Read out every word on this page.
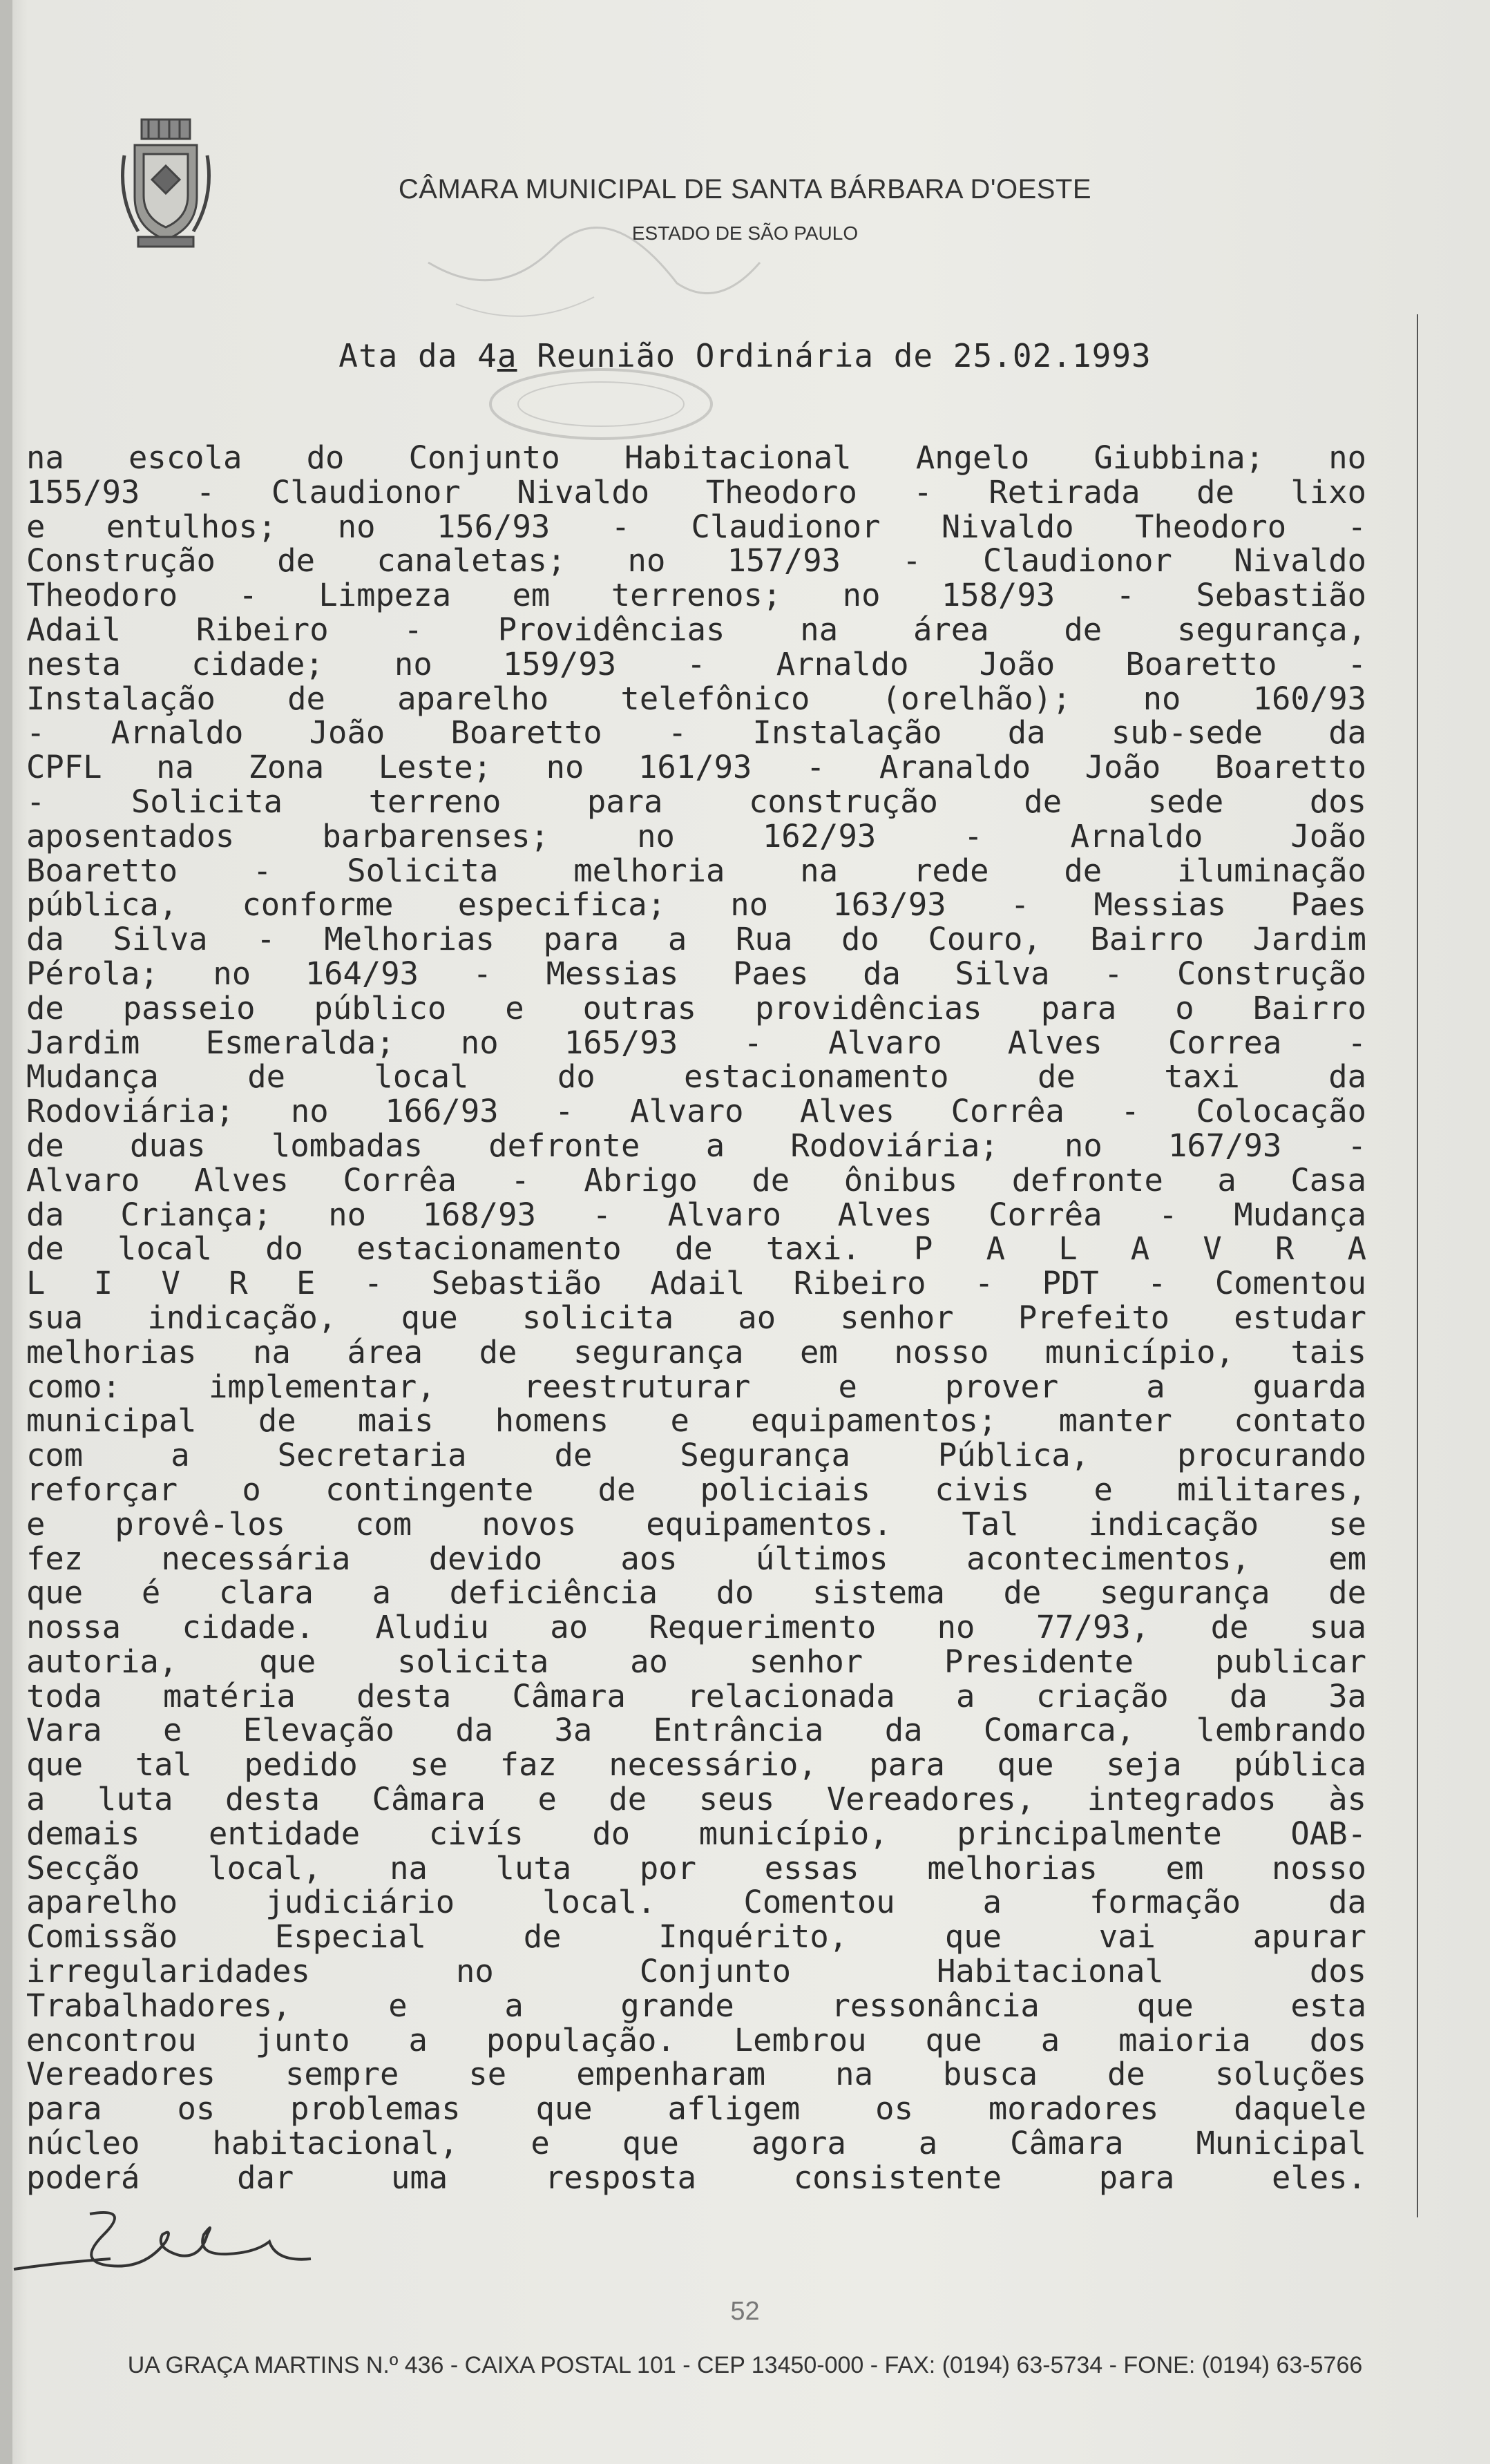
CÂMARA MUNICIPAL DE SANTA BÁRBARA D'OESTE
ESTADO DE SÃO PAULO
Ata da 4a Reunião Ordinária de 25.02.1993
na escola do Conjunto Habitacional Angelo Giubbina; no
155/93 - Claudionor Nivaldo Theodoro - Retirada de lixo
e entulhos; no 156/93 - Claudionor Nivaldo Theodoro -
Construção de canaletas; no 157/93 - Claudionor Nivaldo
Theodoro - Limpeza em terrenos; no 158/93 - Sebastião
Adail Ribeiro - Providências na área de segurança,
nesta cidade; no 159/93 - Arnaldo João Boaretto -
Instalação de aparelho telefônico (orelhão); no 160/93
- Arnaldo João Boaretto - Instalação da sub-sede da
CPFL na Zona Leste; no 161/93 - Aranaldo João Boaretto
- Solicita terreno para construção de sede dos
aposentados barbarenses; no 162/93 - Arnaldo João
Boaretto - Solicita melhoria na rede de iluminação
pública, conforme especifica; no 163/93 - Messias Paes
da Silva - Melhorias para a Rua do Couro, Bairro Jardim
Pérola; no 164/93 - Messias Paes da Silva - Construção
de passeio público e outras providências para o Bairro
Jardim Esmeralda; no 165/93 - Alvaro Alves Correa -
Mudança de local do estacionamento de taxi da
Rodoviária; no 166/93 - Alvaro Alves Corrêa - Colocação
de duas lombadas defronte a Rodoviária; no 167/93 -
Alvaro Alves Corrêa - Abrigo de ônibus defronte a Casa
da Criança; no 168/93 - Alvaro Alves Corrêa - Mudança
de local do estacionamento de taxi. P A L A V R A
L I V R E - Sebastião Adail Ribeiro - PDT - Comentou
sua indicação, que solicita ao senhor Prefeito estudar
melhorias na área de segurança em nosso município, tais
como: implementar, reestruturar e prover a guarda
municipal de mais homens e equipamentos; manter contato
com a Secretaria de Segurança Pública, procurando
reforçar o contingente de policiais civis e militares,
e provê-los com novos equipamentos. Tal indicação se
fez necessária devido aos últimos acontecimentos, em
que é clara a deficiência do sistema de segurança de
nossa cidade. Aludiu ao Requerimento no 77/93, de sua
autoria, que solicita ao senhor Presidente publicar
toda matéria desta Câmara relacionada a criação da 3a
Vara e Elevação da 3a Entrância da Comarca, lembrando
que tal pedido se faz necessário, para que seja pública
a luta desta Câmara e de seus Vereadores, integrados às
demais entidade civís do município, principalmente OAB-
Secção local, na luta por essas melhorias em nosso
aparelho judiciário local. Comentou a formação da
Comissão Especial de Inquérito, que vai apurar
irregularidades no Conjunto Habitacional dos
Trabalhadores, e a grande ressonância que esta
encontrou junto a população. Lembrou que a maioria dos
Vereadores sempre se empenharam na busca de soluções
para os problemas que afligem os moradores daquele
núcleo habitacional, e que agora a Câmara Municipal
poderá dar uma resposta consistente para eles.
52
UA GRAÇA MARTINS N.º 436 - CAIXA POSTAL 101 - CEP 13450-000 - FAX: (0194) 63-5734 - FONE: (0194) 63-5766
